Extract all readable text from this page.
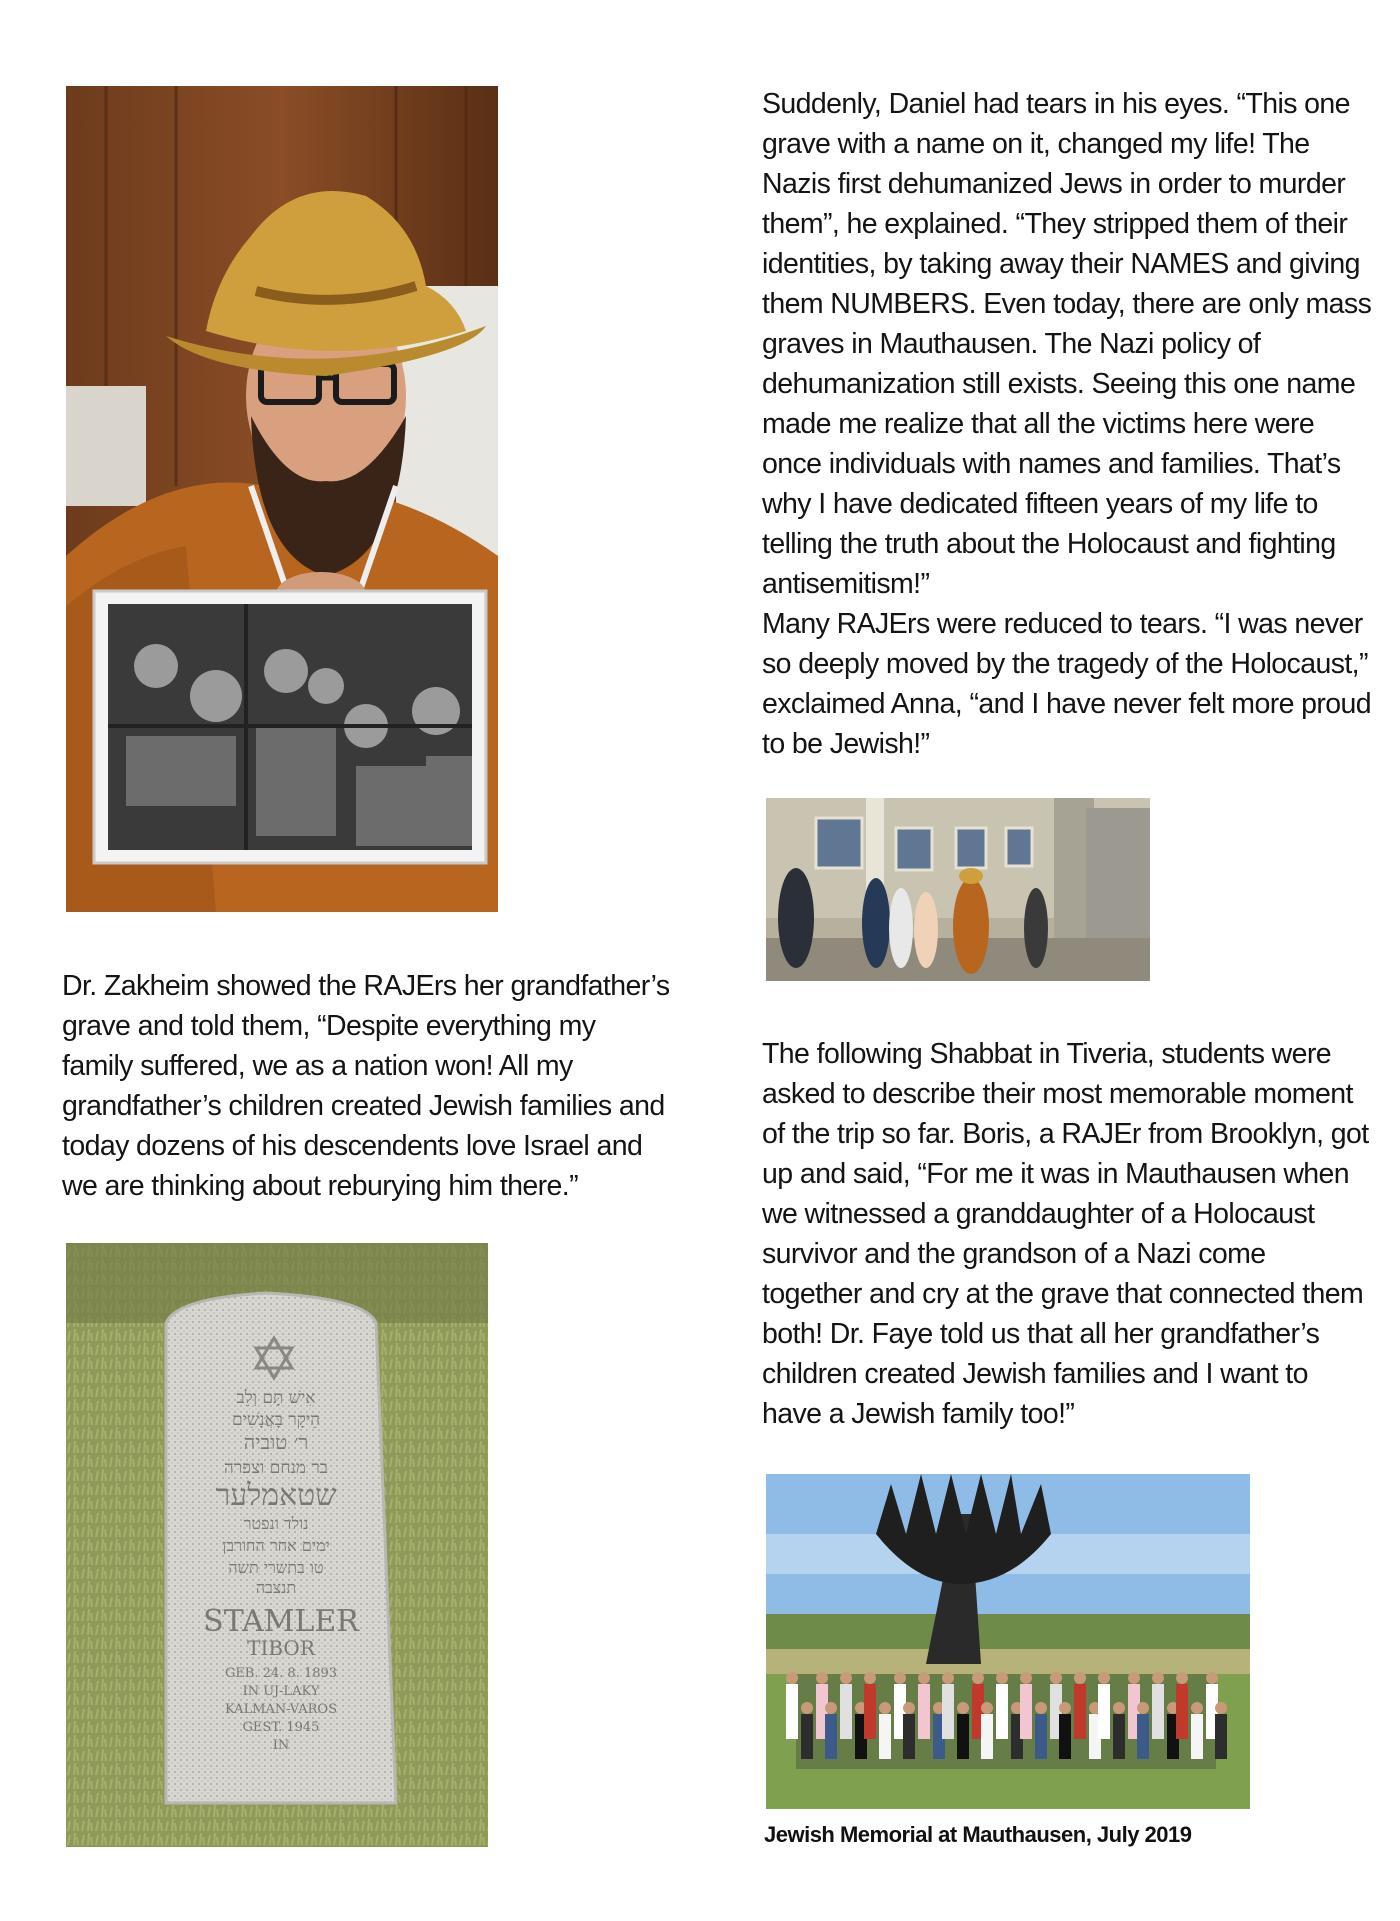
Suddenly, Daniel had tears in his eyes. “This one grave with a name on it, changed my life! The Nazis first dehumanized Jews in order to murder them”, he explained. “They stripped them of their identities, by taking away their NAMES and giving them NUMBERS. Even today, there are only mass graves in Mauthausen. The Nazi policy of dehumanization still exists. Seeing this one name made me realize that all the victims here were once individuals with names and families. That’s why I have dedicated fifteen years of my life to telling the truth about the Holocaust and fighting antisemitism!”

Many RAJErs were reduced to tears. “I was never so deeply moved by the tragedy of the Holocaust,” exclaimed Anna, “and I have never felt more proud to be Jewish!”

Dr. Zakheim showed the RAJErs her grandfather’s grave and told them, “Despite everything my family suffered, we as a nation won! All my grandfather’s children created Jewish families and today dozens of his descendents love Israel and we are thinking about reburying him there.”

The following Shabbat in Tiveria, students were asked to describe their most memorable moment of the trip so far. Boris, a RAJEr from Brooklyn, got up and said, “For me it was in Mauthausen when we witnessed a granddaughter of a Holocaust survivor and the grandson of a Nazi come together and cry at the grave that connected them both! Dr. Faye told us that all her grandfather’s children created Jewish families and I want to have a Jewish family too!”

אִישׁ תָּם וְלֵב
הֵיקָר בָּאֲנָשִׁים
ר׳ טוביה
בר מנחם וצפרה
שטאמלער
נולד ונפטר
ימים אחר החורבן
טו בתשרי תשה
תנצבה
STAMLER
TIBOR
GEB. 24. 8. 1893
IN UJ-LAKY
KALMAN-VAROS
GEST. 1945
IN
Jewish Memorial at Mauthausen, July 2019
